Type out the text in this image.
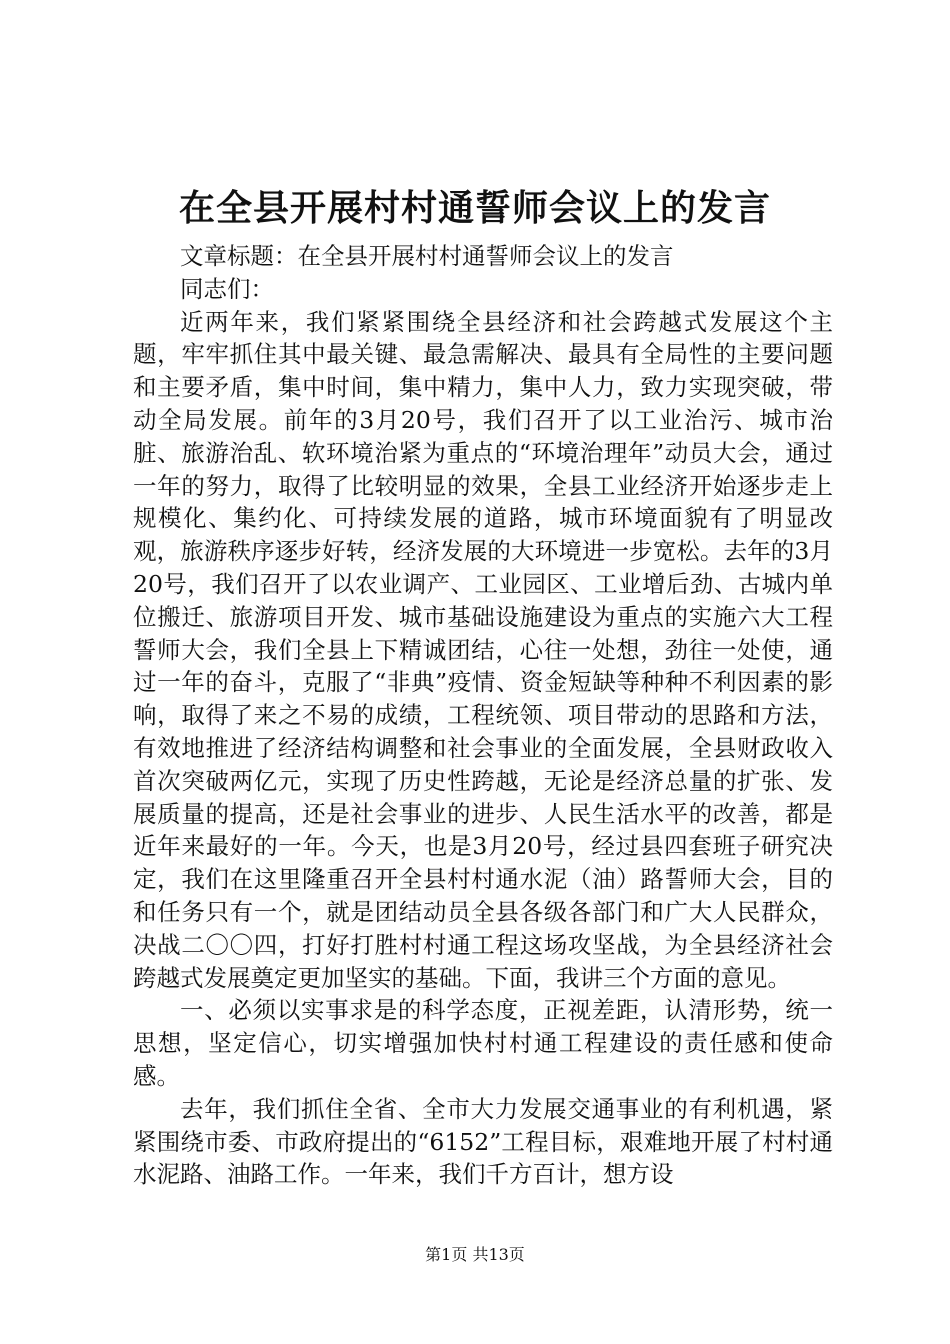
在全县开展村村通誓师会议上的发言

文章标题：在全县开展村村通誓师会议上的发言

同志们：

近两年来，我们紧紧围绕全县经济和社会跨越式发展这个主题，牢牢抓住其中最关键、最急需解决、最具有全局性的主要问题和主要矛盾，集中时间，集中精力，集中人力，致力实现突破，带动全局发展。前年的3月20号，我们召开了以工业治污、城市治脏、旅游治乱、软环境治紧为重点的“环境治理年”动员大会，通过一年的努力，取得了比较明显的效果，全县工业经济开始逐步走上规模化、集约化、可持续发展的道路，城市环境面貌有了明显改观，旅游秩序逐步好转，经济发展的大环境进一步宽松。去年的3月20号，我们召开了以农业调产、工业园区、工业增后劲、古城内单位搬迁、旅游项目开发、城市基础设施建设为重点的实施六大工程誓师大会，我们全县上下精诚团结，心往一处想，劲往一处使，通过一年的奋斗，克服了“非典”疫情、资金短缺等种种不利因素的影响，取得了来之不易的成绩，工程统领、项目带动的思路和方法，有效地推进了经济结构调整和社会事业的全面发展，全县财政收入首次突破两亿元，实现了历史性跨越，无论是经济总量的扩张、发展质量的提高，还是社会事业的进步、人民生活水平的改善，都是近年来最好的一年。今天，也是3月20号，经过县四套班子研究决定，我们在这里隆重召开全县村村通水泥（油）路誓师大会，目的和任务只有一个，就是团结动员全县各级各部门和广大人民群众，决战二〇〇四，打好打胜村村通工程这场攻坚战，为全县经济社会跨越式发展奠定更加坚实的基础。下面，我讲三个方面的意见。

一、必须以实事求是的科学态度，正视差距，认清形势，统一思想，坚定信心，切实增强加快村村通工程建设的责任感和使命感。

去年，我们抓住全省、全市大力发展交通事业的有利机遇，紧紧围绕市委、市政府提出的“6152”工程目标，艰难地开展了村村通水泥路、油路工作。一年来，我们千方百计，想方设

第1页 共13页
